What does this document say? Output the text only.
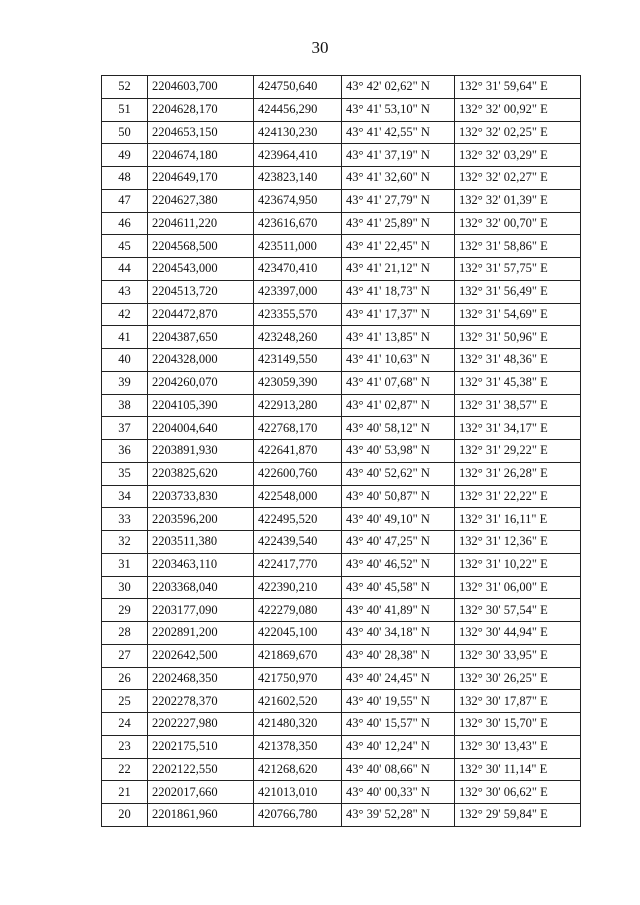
30
52	2204603,700	424750,640	43° 42' 02,62" N	132° 31' 59,64" E
51	2204628,170	424456,290	43° 41' 53,10" N	132° 32' 00,92" E
50	2204653,150	424130,230	43° 41' 42,55" N	132° 32' 02,25" E
49	2204674,180	423964,410	43° 41' 37,19" N	132° 32' 03,29" E
48	2204649,170	423823,140	43° 41' 32,60" N	132° 32' 02,27" E
47	2204627,380	423674,950	43° 41' 27,79" N	132° 32' 01,39" E
46	2204611,220	423616,670	43° 41' 25,89" N	132° 32' 00,70" E
45	2204568,500	423511,000	43° 41' 22,45" N	132° 31' 58,86" E
44	2204543,000	423470,410	43° 41' 21,12" N	132° 31' 57,75" E
43	2204513,720	423397,000	43° 41' 18,73" N	132° 31' 56,49" E
42	2204472,870	423355,570	43° 41' 17,37" N	132° 31' 54,69" E
41	2204387,650	423248,260	43° 41' 13,85" N	132° 31' 50,96" E
40	2204328,000	423149,550	43° 41' 10,63" N	132° 31' 48,36" E
39	2204260,070	423059,390	43° 41' 07,68" N	132° 31' 45,38" E
38	2204105,390	422913,280	43° 41' 02,87" N	132° 31' 38,57" E
37	2204004,640	422768,170	43° 40' 58,12" N	132° 31' 34,17" E
36	2203891,930	422641,870	43° 40' 53,98" N	132° 31' 29,22" E
35	2203825,620	422600,760	43° 40' 52,62" N	132° 31' 26,28" E
34	2203733,830	422548,000	43° 40' 50,87" N	132° 31' 22,22" E
33	2203596,200	422495,520	43° 40' 49,10" N	132° 31' 16,11" E
32	2203511,380	422439,540	43° 40' 47,25" N	132° 31' 12,36" E
31	2203463,110	422417,770	43° 40' 46,52" N	132° 31' 10,22" E
30	2203368,040	422390,210	43° 40' 45,58" N	132° 31' 06,00" E
29	2203177,090	422279,080	43° 40' 41,89" N	132° 30' 57,54" E
28	2202891,200	422045,100	43° 40' 34,18" N	132° 30' 44,94" E
27	2202642,500	421869,670	43° 40' 28,38" N	132° 30' 33,95" E
26	2202468,350	421750,970	43° 40' 24,45" N	132° 30' 26,25" E
25	2202278,370	421602,520	43° 40' 19,55" N	132° 30' 17,87" E
24	2202227,980	421480,320	43° 40' 15,57" N	132° 30' 15,70" E
23	2202175,510	421378,350	43° 40' 12,24" N	132° 30' 13,43" E
22	2202122,550	421268,620	43° 40' 08,66" N	132° 30' 11,14" E
21	2202017,660	421013,010	43° 40' 00,33" N	132° 30' 06,62" E
20	2201861,960	420766,780	43° 39' 52,28" N	132° 29' 59,84" E
